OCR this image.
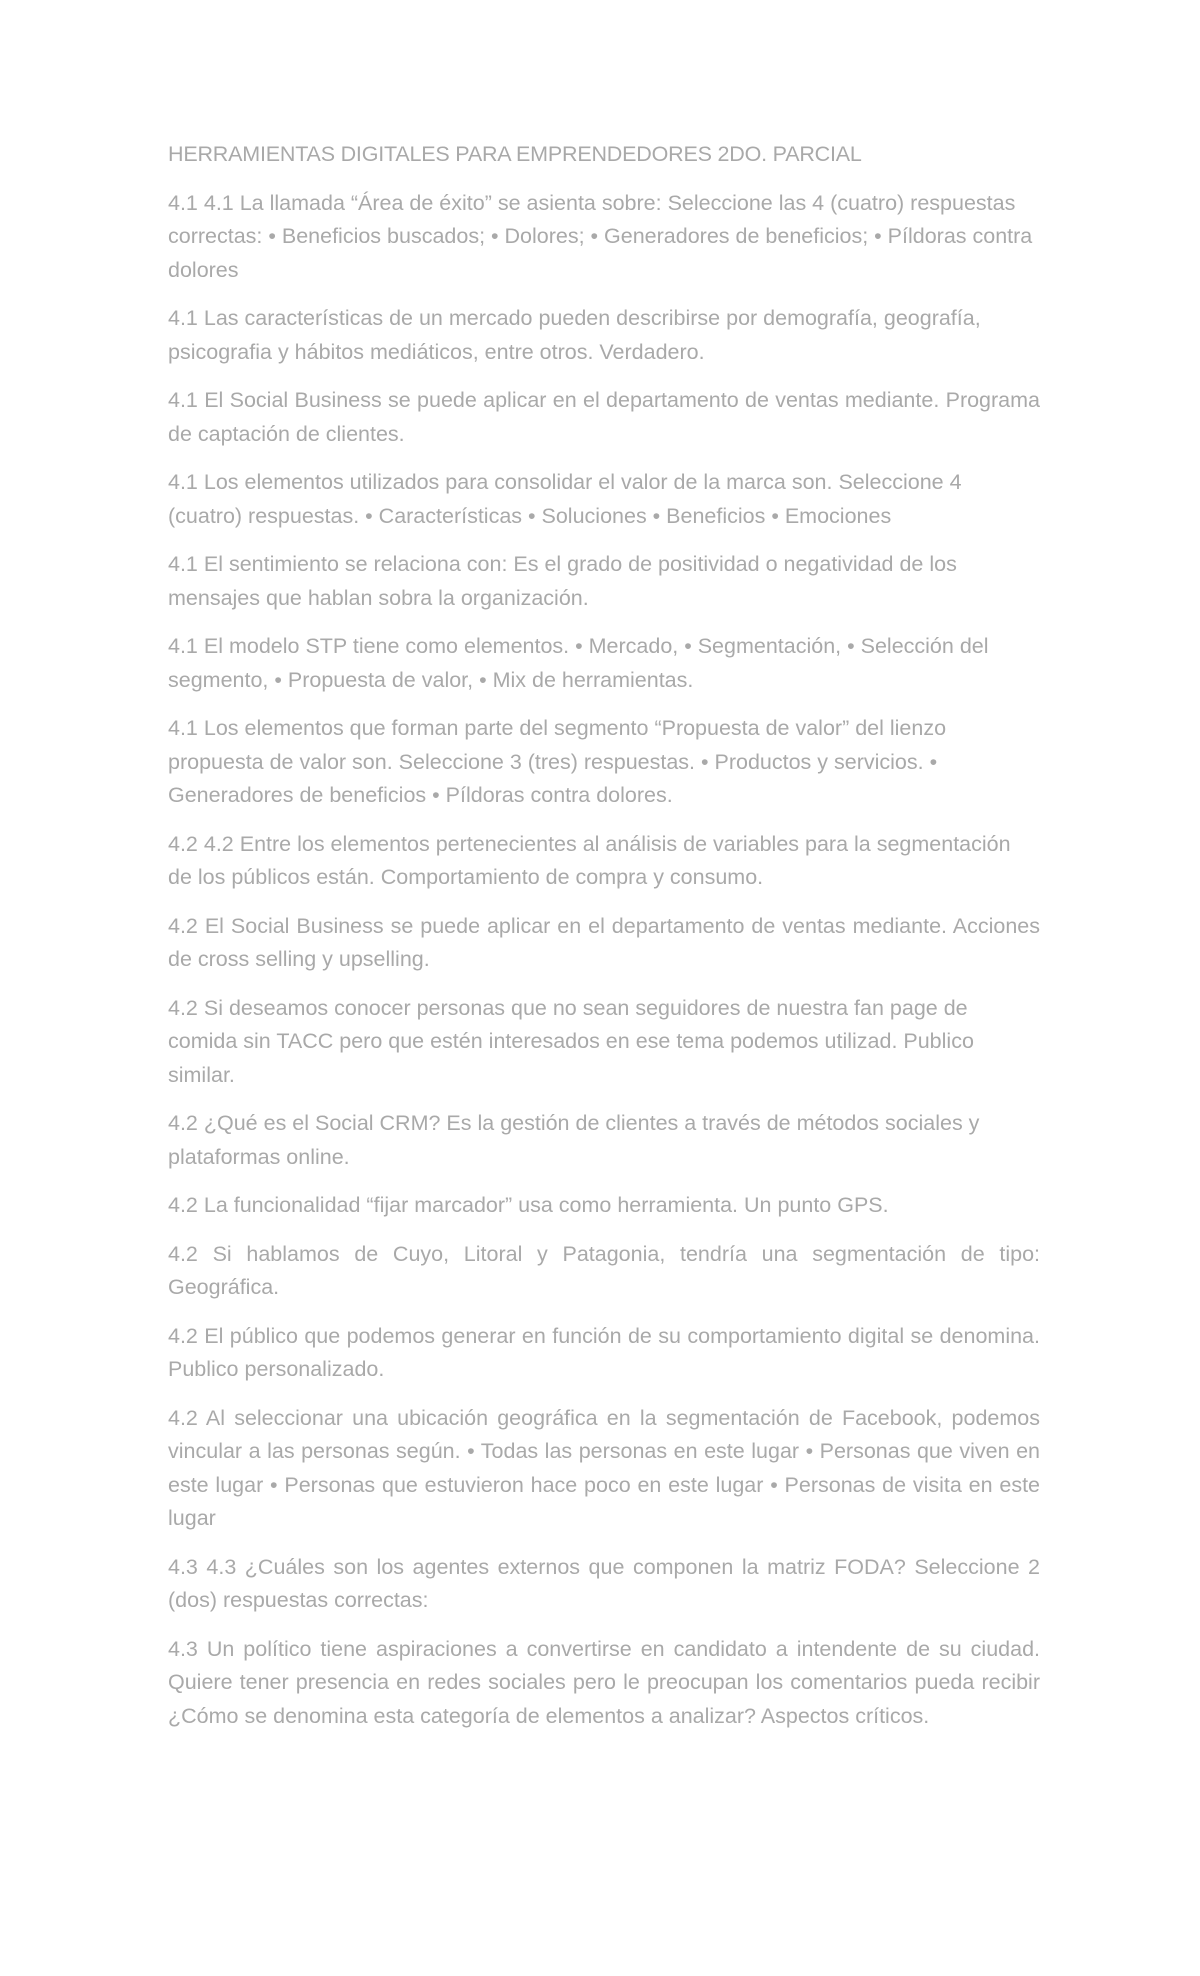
HERRAMIENTAS DIGITALES PARA EMPRENDEDORES 2DO. PARCIAL

4.1 4.1 La llamada “Área de éxito” se asienta sobre: Seleccione las 4 (cuatro) respuestas correctas: • Beneficios buscados; • Dolores; • Generadores de beneficios; • Píldoras contra dolores

4.1 Las características de un mercado pueden describirse por demografía, geografía, psicografia y hábitos mediáticos, entre otros. Verdadero.

4.1 El Social Business se puede aplicar en el departamento de ventas mediante. Programa de captación de clientes.

4.1 Los elementos utilizados para consolidar el valor de la marca son. Seleccione 4 (cuatro) respuestas. • Características • Soluciones • Beneficios • Emociones

4.1 El sentimiento se relaciona con: Es el grado de positividad o negatividad de los mensajes que hablan sobra la organización.

4.1 El modelo STP tiene como elementos. • Mercado, • Segmentación, • Selección del segmento, • Propuesta de valor, • Mix de herramientas.

4.1 Los elementos que forman parte del segmento “Propuesta de valor” del lienzo propuesta de valor son. Seleccione 3 (tres) respuestas. • Productos y servicios. • Generadores de beneficios • Píldoras contra dolores.

4.2 4.2 Entre los elementos pertenecientes al análisis de variables para la segmentación de los públicos están. Comportamiento de compra y consumo.

4.2 El Social Business se puede aplicar en el departamento de ventas mediante. Acciones de cross selling y upselling.

4.2 Si deseamos conocer personas que no sean seguidores de nuestra fan page de comida sin TACC pero que estén interesados en ese tema podemos utilizad. Publico similar.

4.2 ¿Qué es el Social CRM? Es la gestión de clientes a través de métodos sociales y plataformas online.

4.2 La funcionalidad “fijar marcador” usa como herramienta. Un punto GPS.

4.2 Si hablamos de Cuyo, Litoral y Patagonia, tendría una segmentación de tipo: Geográfica.

4.2 El público que podemos generar en función de su comportamiento digital se denomina. Publico personalizado.

4.2 Al seleccionar una ubicación geográfica en la segmentación de Facebook, podemos vincular a las personas según. • Todas las personas en este lugar • Personas que viven en este lugar • Personas que estuvieron hace poco en este lugar • Personas de visita en este lugar

4.3 4.3 ¿Cuáles son los agentes externos que componen la matriz FODA? Seleccione 2 (dos) respuestas correctas:

4.3 Un político tiene aspiraciones a convertirse en candidato a intendente de su ciudad. Quiere tener presencia en redes sociales pero le preocupan los comentarios pueda recibir ¿Cómo se denomina esta categoría de elementos a analizar? Aspectos críticos.
